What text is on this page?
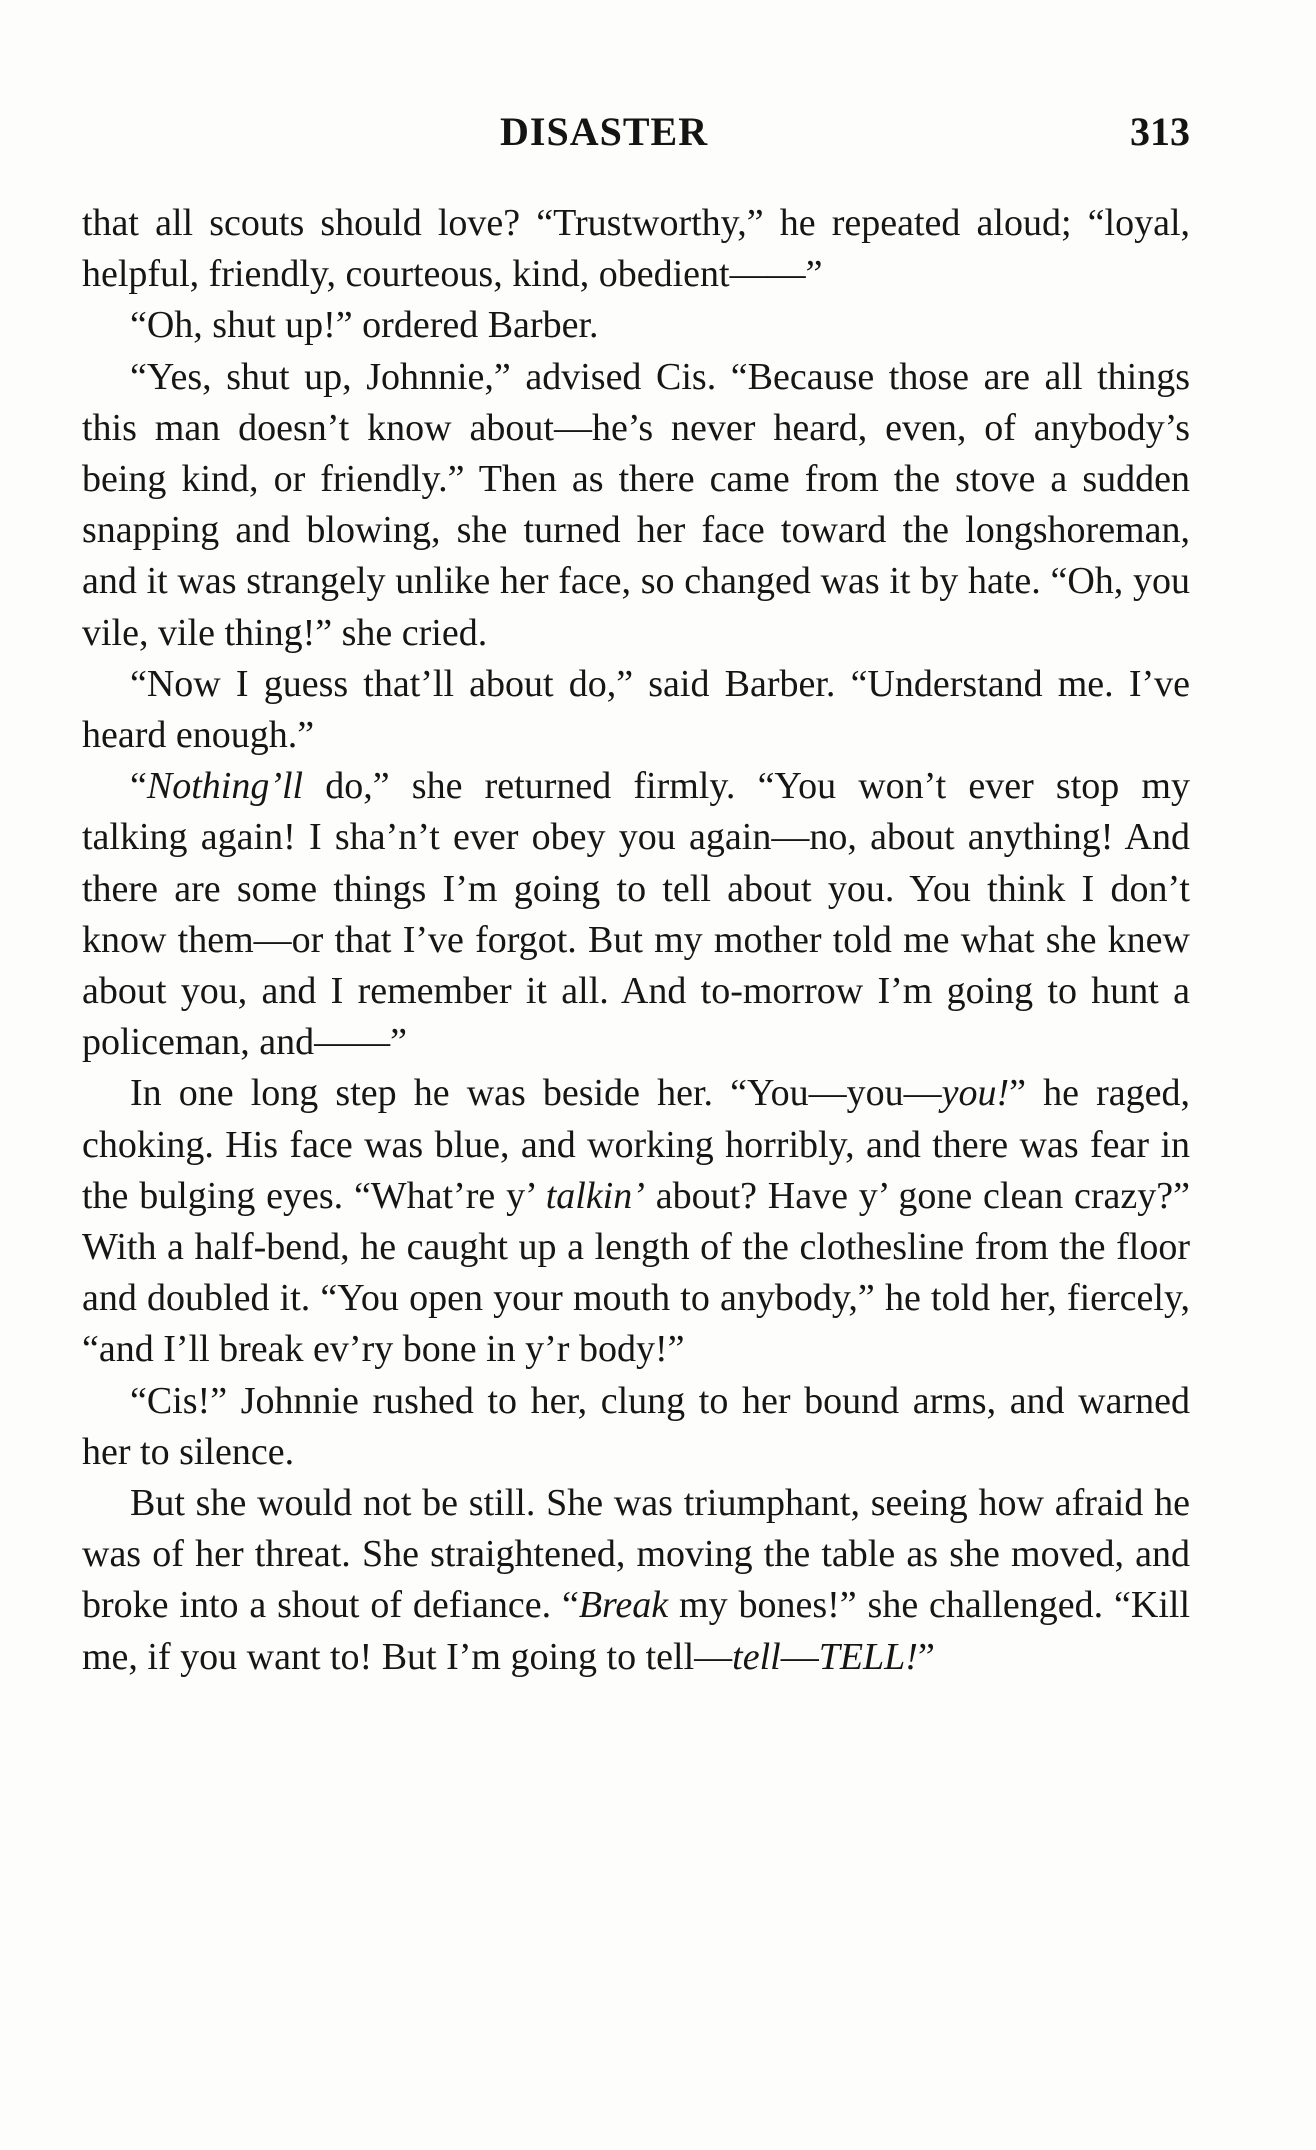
DISASTER	313

that all scouts should love? “Trustworthy,” he repeated aloud; “loyal, helpful, friendly, courteous, kind, obedient——”

“Oh, shut up!” ordered Barber.

“Yes, shut up, Johnnie,” advised Cis. “Because those are all things this man doesn’t know about—he’s never heard, even, of anybody’s being kind, or friendly.” Then as there came from the stove a sudden snapping and blowing, she turned her face toward the longshoreman, and it was strangely unlike her face, so changed was it by hate. “Oh, you vile, vile thing!” she cried.

“Now I guess that’ll about do,” said Barber. “Understand me. I’ve heard enough.”

“Nothing’ll do,” she returned firmly. “You won’t ever stop my talking again! I sha’n’t ever obey you again—no, about anything! And there are some things I’m going to tell about you. You think I don’t know them—or that I’ve forgot. But my mother told me what she knew about you, and I remember it all. And to-morrow I’m going to hunt a policeman, and——”

In one long step he was beside her. “You—you—you!” he raged, choking. His face was blue, and working horribly, and there was fear in the bulging eyes. “What’re y’ talkin’ about? Have y’ gone clean crazy?” With a half-bend, he caught up a length of the clothesline from the floor and doubled it. “You open your mouth to anybody,” he told her, fiercely, “and I’ll break ev’ry bone in y’r body!”

“Cis!” Johnnie rushed to her, clung to her bound arms, and warned her to silence.

But she would not be still. She was triumphant, seeing how afraid he was of her threat. She straightened, moving the table as she moved, and broke into a shout of defiance. “Break my bones!” she challenged. “Kill me, if you want to! But I’m going to tell—tell—TELL!”
